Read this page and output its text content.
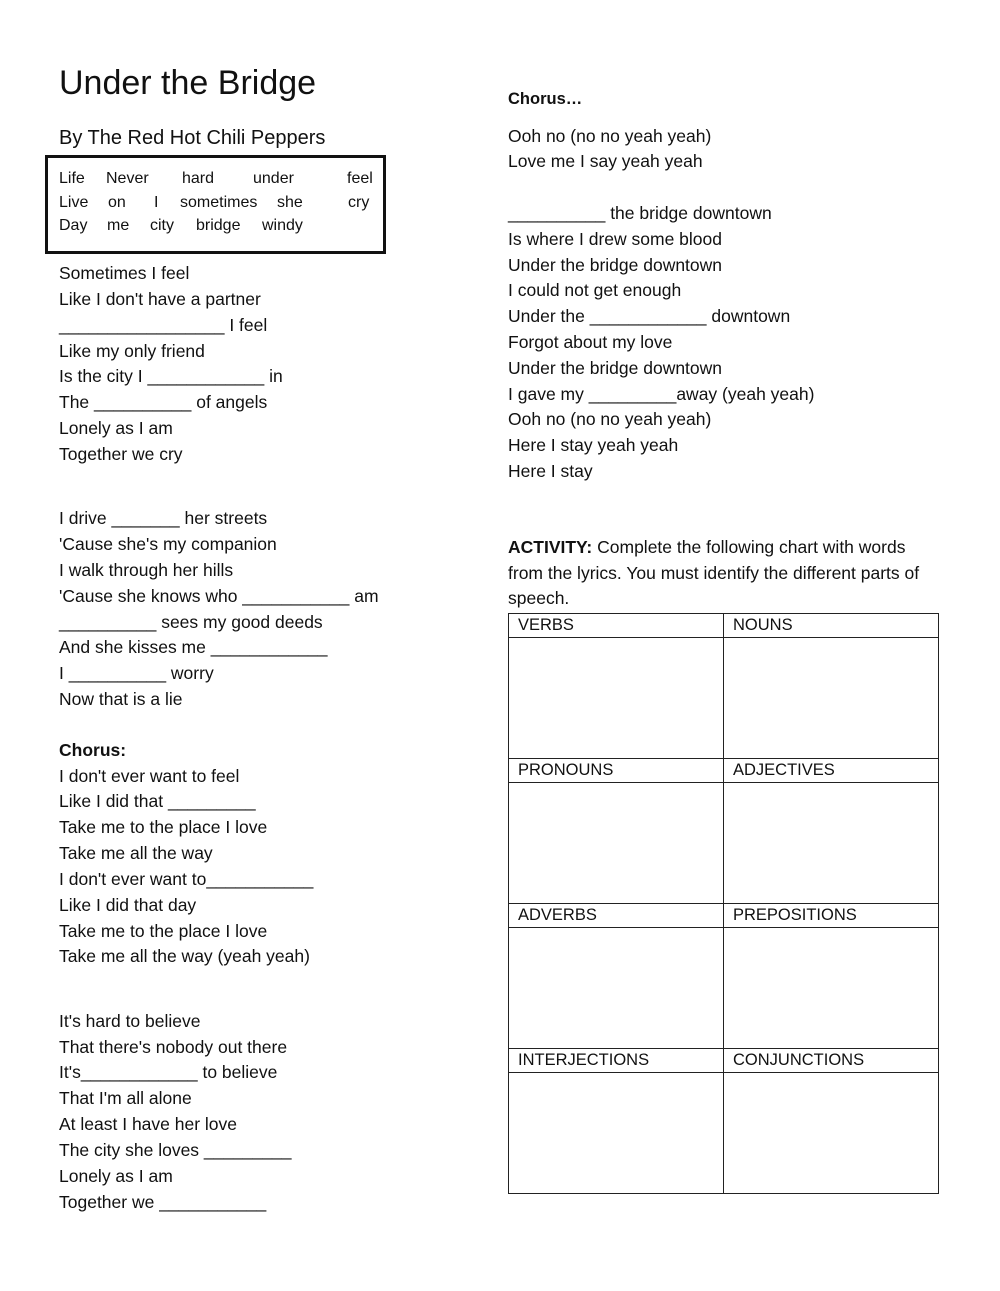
Under the Bridge
By The Red Hot Chili Peppers
Life Never hard under	feel
Live on I sometimes she	cry
Day me city bridge windy
Sometimes I feel
Like I don't have a partner
_________________ I feel
Like my only friend
Is the city I ____________ in
The __________ of angels
Lonely as I am
Together we cry
I drive _______ her streets
'Cause she's my companion
I walk through her hills
'Cause she knows who ___________ am
__________ sees my good deeds
And she kisses me ____________
I __________ worry
Now that is a lie
Chorus:
I don't ever want to feel
Like I did that _________
Take me to the place I love
Take me all the way
I don't ever want to___________
Like I did that day
Take me to the place I love
Take me all the way (yeah yeah)
It's hard to believe
That there's nobody out there
It's____________ to believe
That I'm all alone
At least I have her love
The city she loves _________
Lonely as I am
Together we ___________
Chorus…
Ooh no (no no yeah yeah)
Love me I say yeah yeah
__________ the bridge downtown
Is where I drew some blood
Under the bridge downtown
I could not get enough
Under the ____________ downtown
Forgot about my love
Under the bridge downtown
I gave my _________away (yeah yeah)
Ooh no (no no yeah yeah)
Here I stay yeah yeah
Here I stay
ACTIVITY: Complete the following chart with words from the lyrics. You must identify the different parts of speech.
VERBS	NOUNS

PRONOUNS	ADJECTIVES

ADVERBS	PREPOSITIONS

INTERJECTIONS	CONJUNCTIONS
